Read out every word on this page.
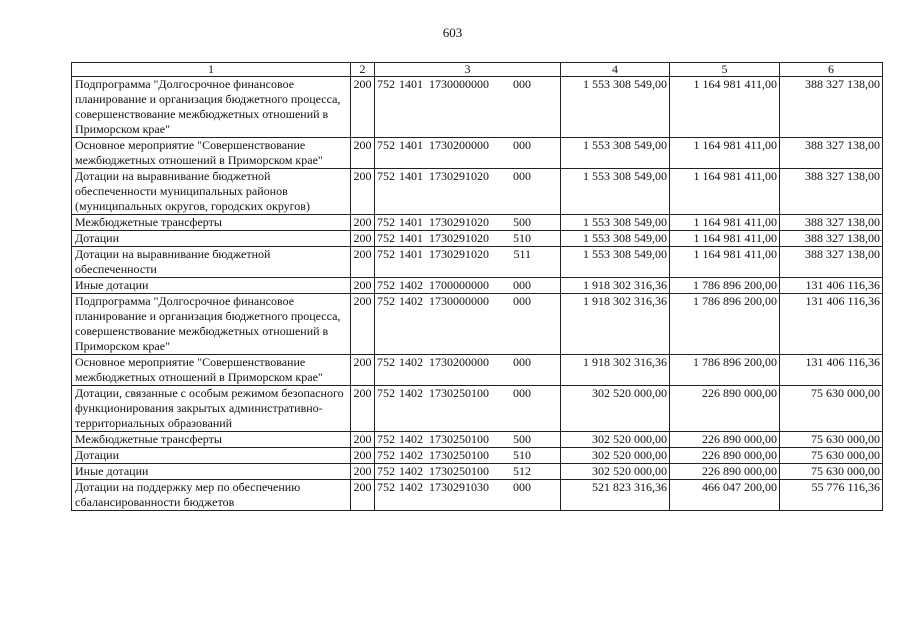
603
1	2	3	4	5	6
Подпрограмма "Долгосрочное финансовое планирование и организация бюджетного процесса, совершенствование межбюджетных отношений в Приморском крае"	200	752 1401 1730000000 000	1 553 308 549,00	1 164 981 411,00	388 327 138,00
Основное мероприятие "Совершенствование межбюджетных отношений в Приморском крае"	200	752 1401 1730200000 000	1 553 308 549,00	1 164 981 411,00	388 327 138,00
Дотации на выравнивание бюджетной обеспеченности муниципальных районов (муниципальных округов, городских округов)	200	752 1401 1730291020 000	1 553 308 549,00	1 164 981 411,00	388 327 138,00
Межбюджетные трансферты	200	752 1401 1730291020 500	1 553 308 549,00	1 164 981 411,00	388 327 138,00
Дотации	200	752 1401 1730291020 510	1 553 308 549,00	1 164 981 411,00	388 327 138,00
Дотации на выравнивание бюджетной обеспеченности	200	752 1401 1730291020 511	1 553 308 549,00	1 164 981 411,00	388 327 138,00
Иные дотации	200	752 1402 1700000000 000	1 918 302 316,36	1 786 896 200,00	131 406 116,36
Подпрограмма "Долгосрочное финансовое планирование и организация бюджетного процесса, совершенствование межбюджетных отношений в Приморском крае"	200	752 1402 1730000000 000	1 918 302 316,36	1 786 896 200,00	131 406 116,36
Основное мероприятие "Совершенствование межбюджетных отношений в Приморском крае"	200	752 1402 1730200000 000	1 918 302 316,36	1 786 896 200,00	131 406 116,36
Дотации, связанные с особым режимом безопасного функционирования закрытых административно-территориальных образований	200	752 1402 1730250100 000	302 520 000,00	226 890 000,00	75 630 000,00
Межбюджетные трансферты	200	752 1402 1730250100 500	302 520 000,00	226 890 000,00	75 630 000,00
Дотации	200	752 1402 1730250100 510	302 520 000,00	226 890 000,00	75 630 000,00
Иные дотации	200	752 1402 1730250100 512	302 520 000,00	226 890 000,00	75 630 000,00
Дотации на поддержку мер по обеспечению сбалансированности бюджетов	200	752 1402 1730291030 000	521 823 316,36	466 047 200,00	55 776 116,36
